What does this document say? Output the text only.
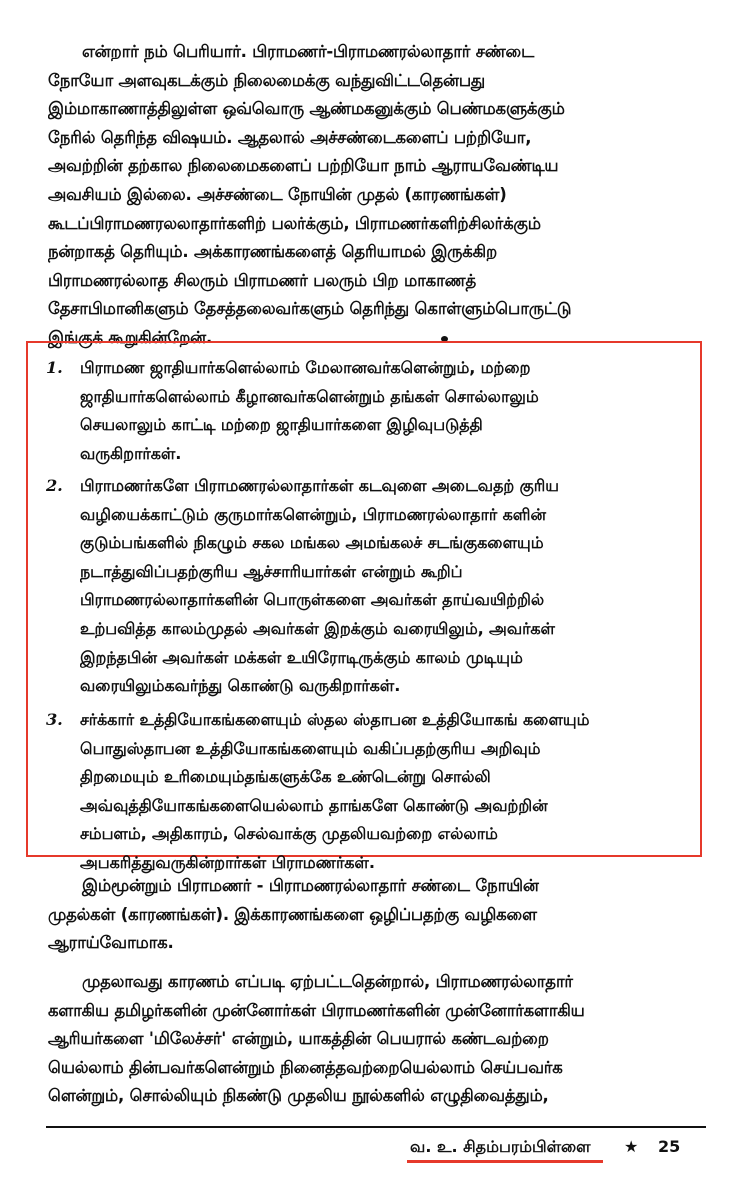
என்றார் நம் பெரியார். பிராமணர்-பிராமணரல்லாதார் சண்டை
நோயோ அளவுகடக்கும் நிலைமைக்கு வந்துவிட்டதென்பது
இம்மாகாணாத்திலுள்ள ஒவ்வொரு ஆண்மகனுக்கும் பெண்மகளுக்கும்
நேரில் தெரிந்த விஷயம். ஆதலால் அச்சண்டைகளைப் பற்றியோ,
அவற்றின் தற்கால நிலைமைகளைப் பற்றியோ நாம் ஆராயவேண்டிய
அவசியம் இல்லை. அச்சண்டை நோயின் முதல் (காரணங்கள்)
கூடப்பிராமணரலலாதார்களிற் பலர்க்கும், பிராமணர்களிற்சிலர்க்கும்
நன்றாகத் தெரியும். அக்காரணங்களைத் தெரியாமல் இருக்கிற
பிராமணரல்லாத சிலரும் பிராமணர் பலரும் பிற மாகாணத்
தேசாபிமானிகளும் தேசத்தலைவர்களும் தெரிந்து கொள்ளும்பொருட்டு
இங்குக் கூறுகின்றேன்.
1. பிராமண ஜாதியார்களெல்லாம் மேலானவர்களென்றும், மற்றை
ஜாதியார்களெல்லாம் கீழானவர்களென்றும் தங்கள் சொல்லாலும்
செயலாலும் காட்டி மற்றை ஜாதியார்களை இழிவுபடுத்தி
வருகிறார்கள்.
2. பிராமணர்களே பிராமணரல்லாதார்கள் கடவுளை அடைவதற் குரிய
வழியைக்காட்டும் குருமார்களென்றும், பிராமணரல்லாதார் களின்
குடும்பங்களில் நிகழும் சகல மங்கல அமங்கலச் சடங்குகளையும்
நடாத்துவிப்பதற்குரிய ஆச்சாரியார்கள் என்றும் கூறிப்
பிராமணரல்லாதார்களின் பொருள்களை அவர்கள் தாய்வயிற்றில்
உற்பவித்த காலம்முதல் அவர்கள் இறக்கும் வரையிலும், அவர்கள்
இறந்தபின் அவர்கள் மக்கள் உயிரோடிருக்கும் காலம் முடியும்
வரையிலும்கவர்ந்து கொண்டு வருகிறார்கள்.
3. சர்க்கார் உத்தியோகங்களையும் ஸ்தல ஸ்தாபன உத்தியோகங் களையும்
பொதுஸ்தாபன உத்தியோகங்களையும் வகிப்பதற்குரிய அறிவும்
திறமையும் உரிமையும்தங்களுக்கே உண்டென்று சொல்லி
அவ்வுத்தியோகங்களையெல்லாம் தாங்களே கொண்டு அவற்றின்
சம்பளம், அதிகாரம், செல்வாக்கு முதலியவற்றை எல்லாம்
அபகரித்துவருகின்றார்கள் பிராமணர்கள்.
இம்மூன்றும் பிராமணர் - பிராமணரல்லாதார் சண்டை நோயின்
முதல்கள் (காரணங்கள்). இக்காரணங்களை ஒழிப்பதற்கு வழிகளை
ஆராய்வோமாக.
முதலாவது காரணம் எப்படி ஏற்பட்டதென்றால், பிராமணரல்லாதார்
களாகிய தமிழர்களின் முன்னோர்கள் பிராமணர்களின் முன்னோர்களாகிய
ஆரியர்களை 'மிலேச்சர்' என்றும், யாகத்தின் பெயரால் கண்டவற்றை
யெல்லாம் தின்பவர்களென்றும் நினைத்தவற்றையெல்லாம் செய்பவர்க
ளென்றும், சொல்லியும் நிகண்டு முதலிய நூல்களில் எழுதிவைத்தும்,
வ. உ. சிதம்பரம்பிள்ளை ★ 25
